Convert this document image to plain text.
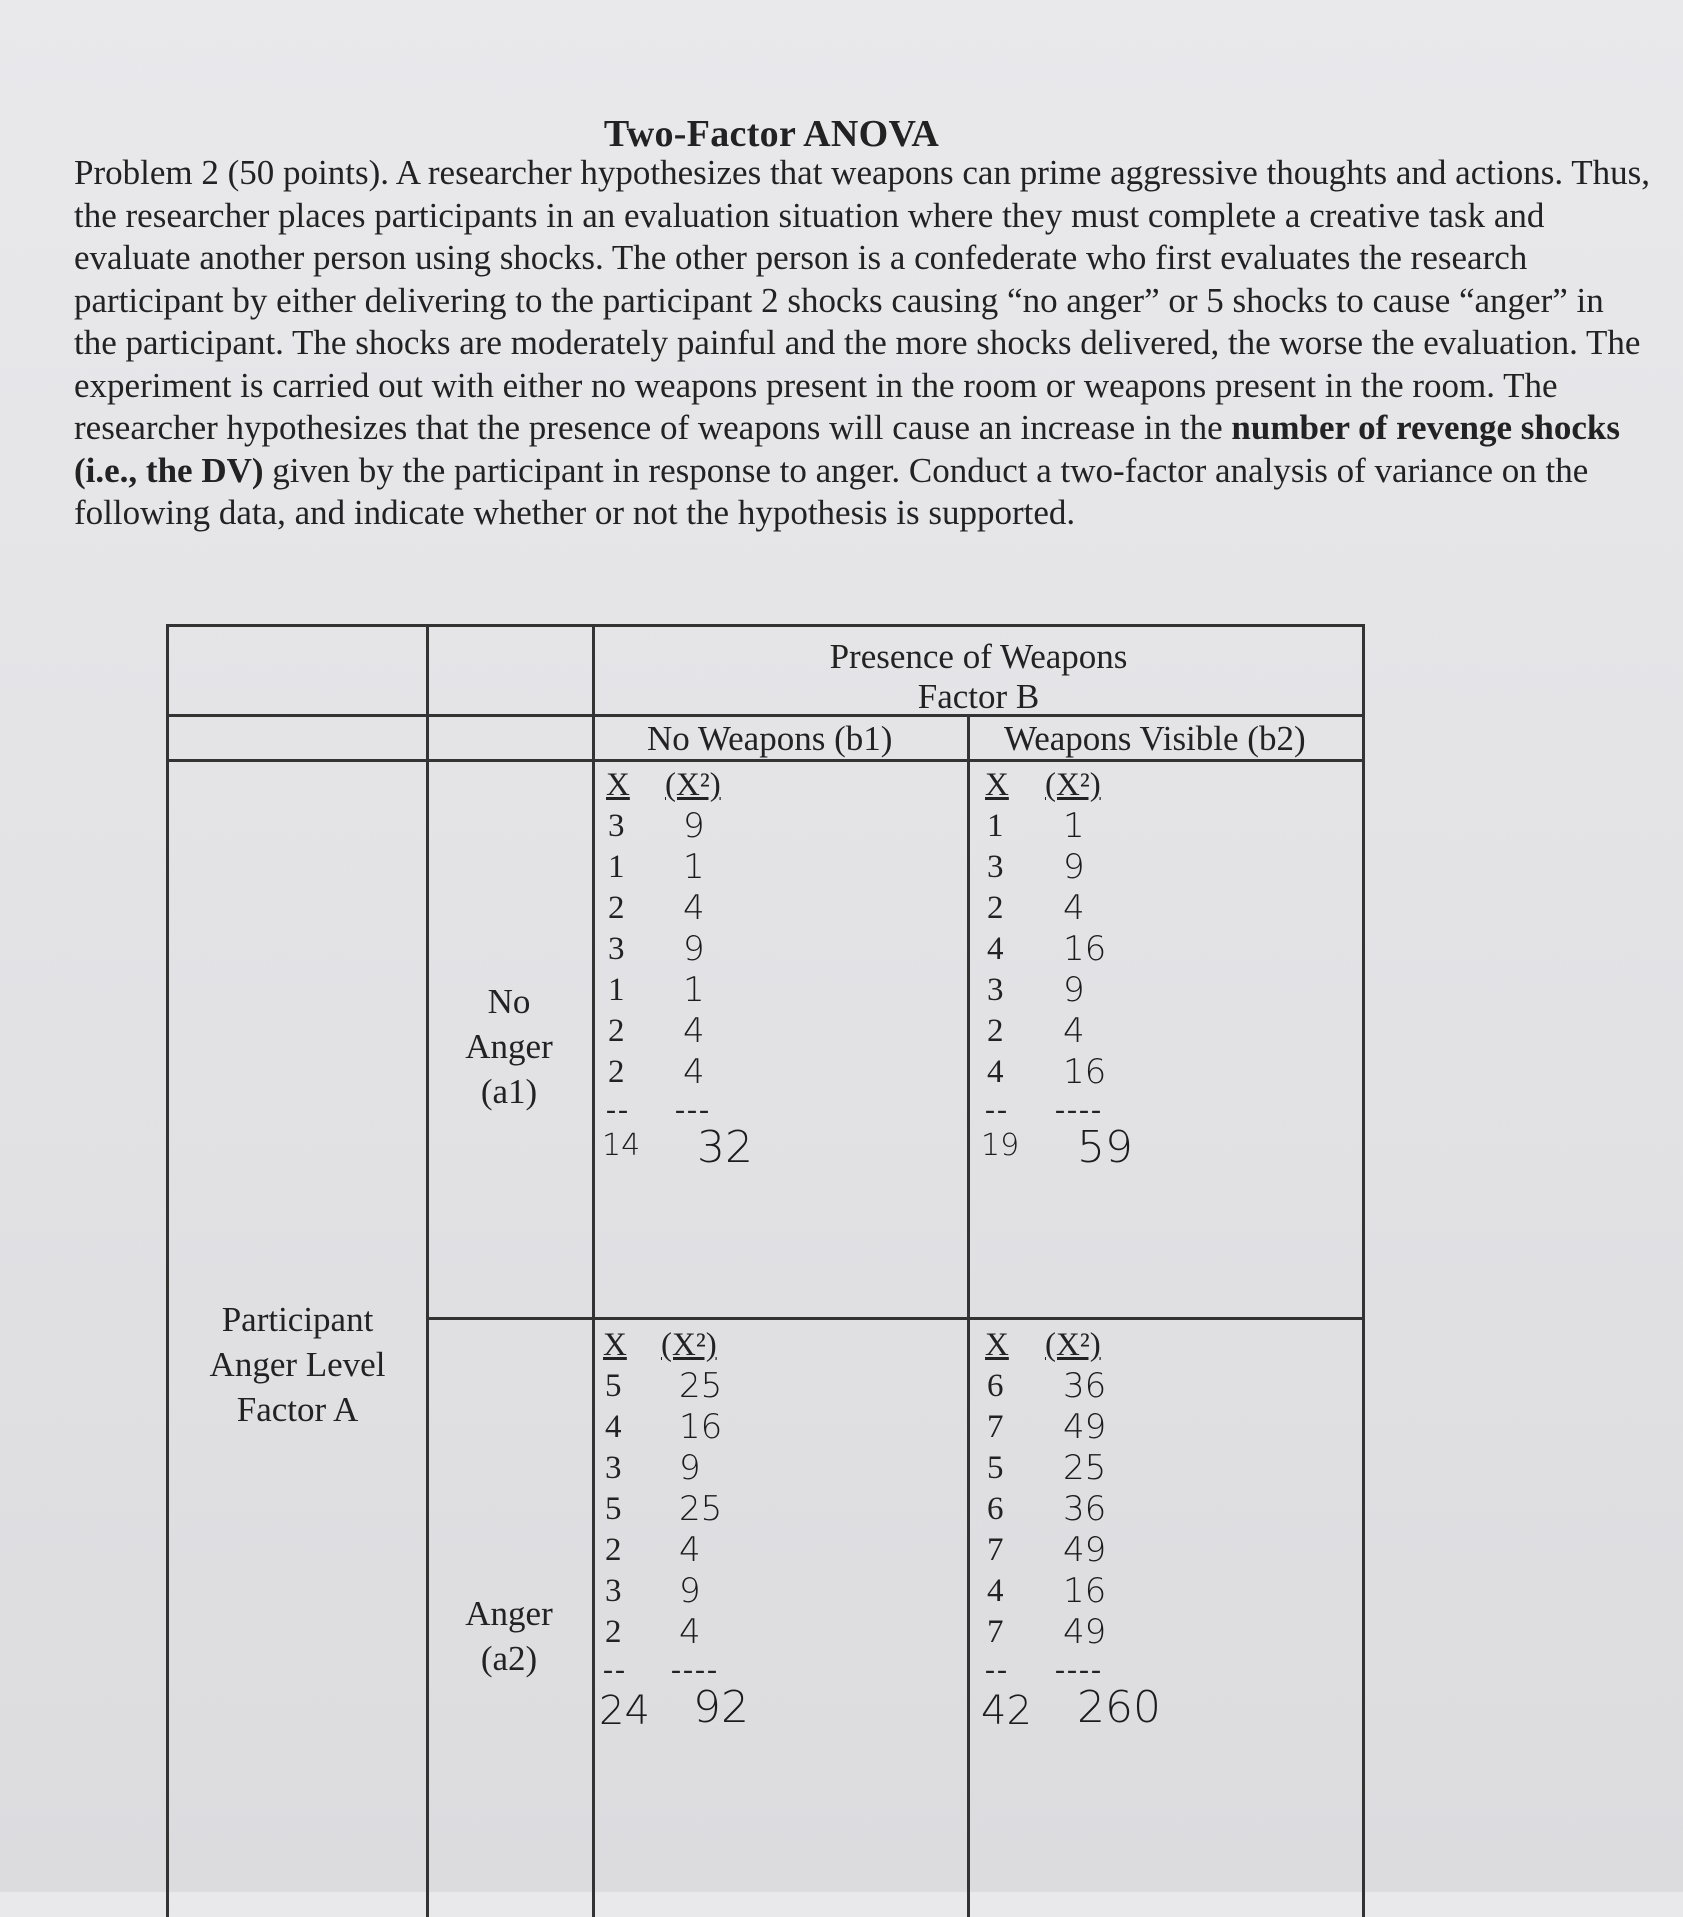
Two-Factor ANOVA
Problem 2 (50 points). A researcher hypothesizes that weapons can prime aggressive thoughts and actions. Thus, the researcher places participants in an evaluation situation where they must complete a creative task and evaluate another person using shocks. The other person is a confederate who first evaluates the research participant by either delivering to the participant 2 shocks causing “no anger” or 5 shocks to cause “anger” in the participant. The shocks are moderately painful and the more shocks delivered, the worse the evaluation. The experiment is carried out with either no weapons present in the room or weapons present in the room. The researcher hypothesizes that the presence of weapons will cause an increase in the number of revenge shocks (i.e., the DV) given by the participant in response to anger. Conduct a two-factor analysis of variance on the following data, and indicate whether or not the hypothesis is supported.
Presence of Weapons
Factor B
No Weapons (b1)	Weapons Visible (b2)
Participant
Anger Level
Factor A
No
Anger
(a1)
Anger
(a2)
X (X²)
3
1
2
3
1
2
2
9
1
4
9
1
4
4
-- ---
14 32
X (X²)
1
3
2
4
3
2
4
1
9
4
16
9
4
16
-- ----
19 59
X (X²)
5
4
3
5
2
3
2
25
16
9
25
4
9
4
-- ----
24 92
X (X²)
6
7
5
6
7
4
7
36
49
25
36
49
16
49
-- ----
42 260
